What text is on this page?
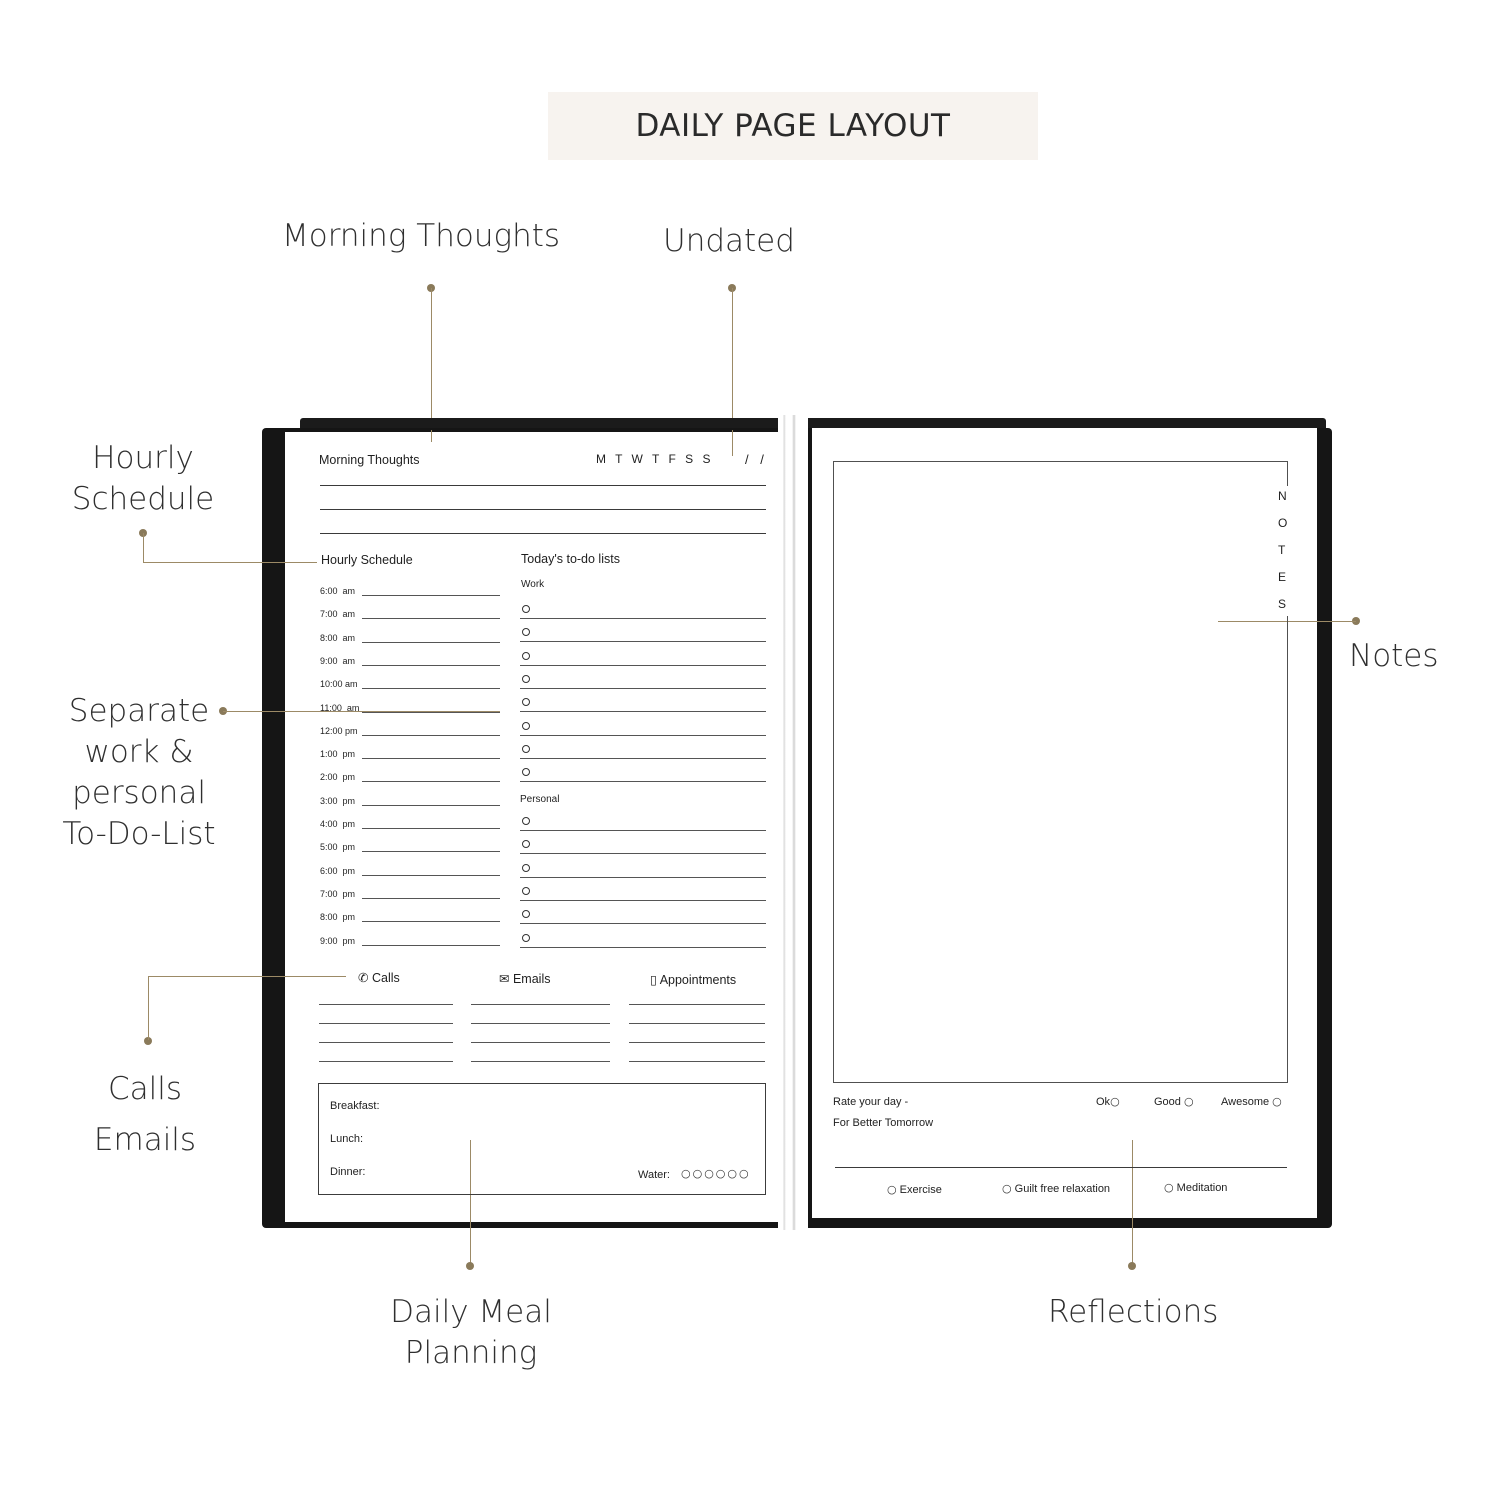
DAILY PAGE LAYOUT
Morning Thoughts	Undated
Hourly
Schedule
Separate
work &
personal
To-Do-List
Calls
Emails
Notes
Daily Meal
Planning
Reflections
Morning Thoughts	M T W T F S S / /
Hourly Schedule
6:00  am
7:00  am
8:00  am
9:00  am
10:00 am
11:00  am
12:00 pm
1:00  pm
2:00  pm
3:00  pm
4:00  pm
5:00  pm
6:00  pm
7:00  pm
8:00  pm
9:00  pm
Today's to-do lists
Work
Personal
✆ Calls	✉ Emails	▯ Appointments
Breakfast:
Lunch:
Dinner:	Water: ○○○○○○
N
O
T
E
S
Rate your day -
For Better Tomorrow
Ok○	Good ○ Awesome ○
○ Exercise	○ Guilt free relaxation	○ Meditation
